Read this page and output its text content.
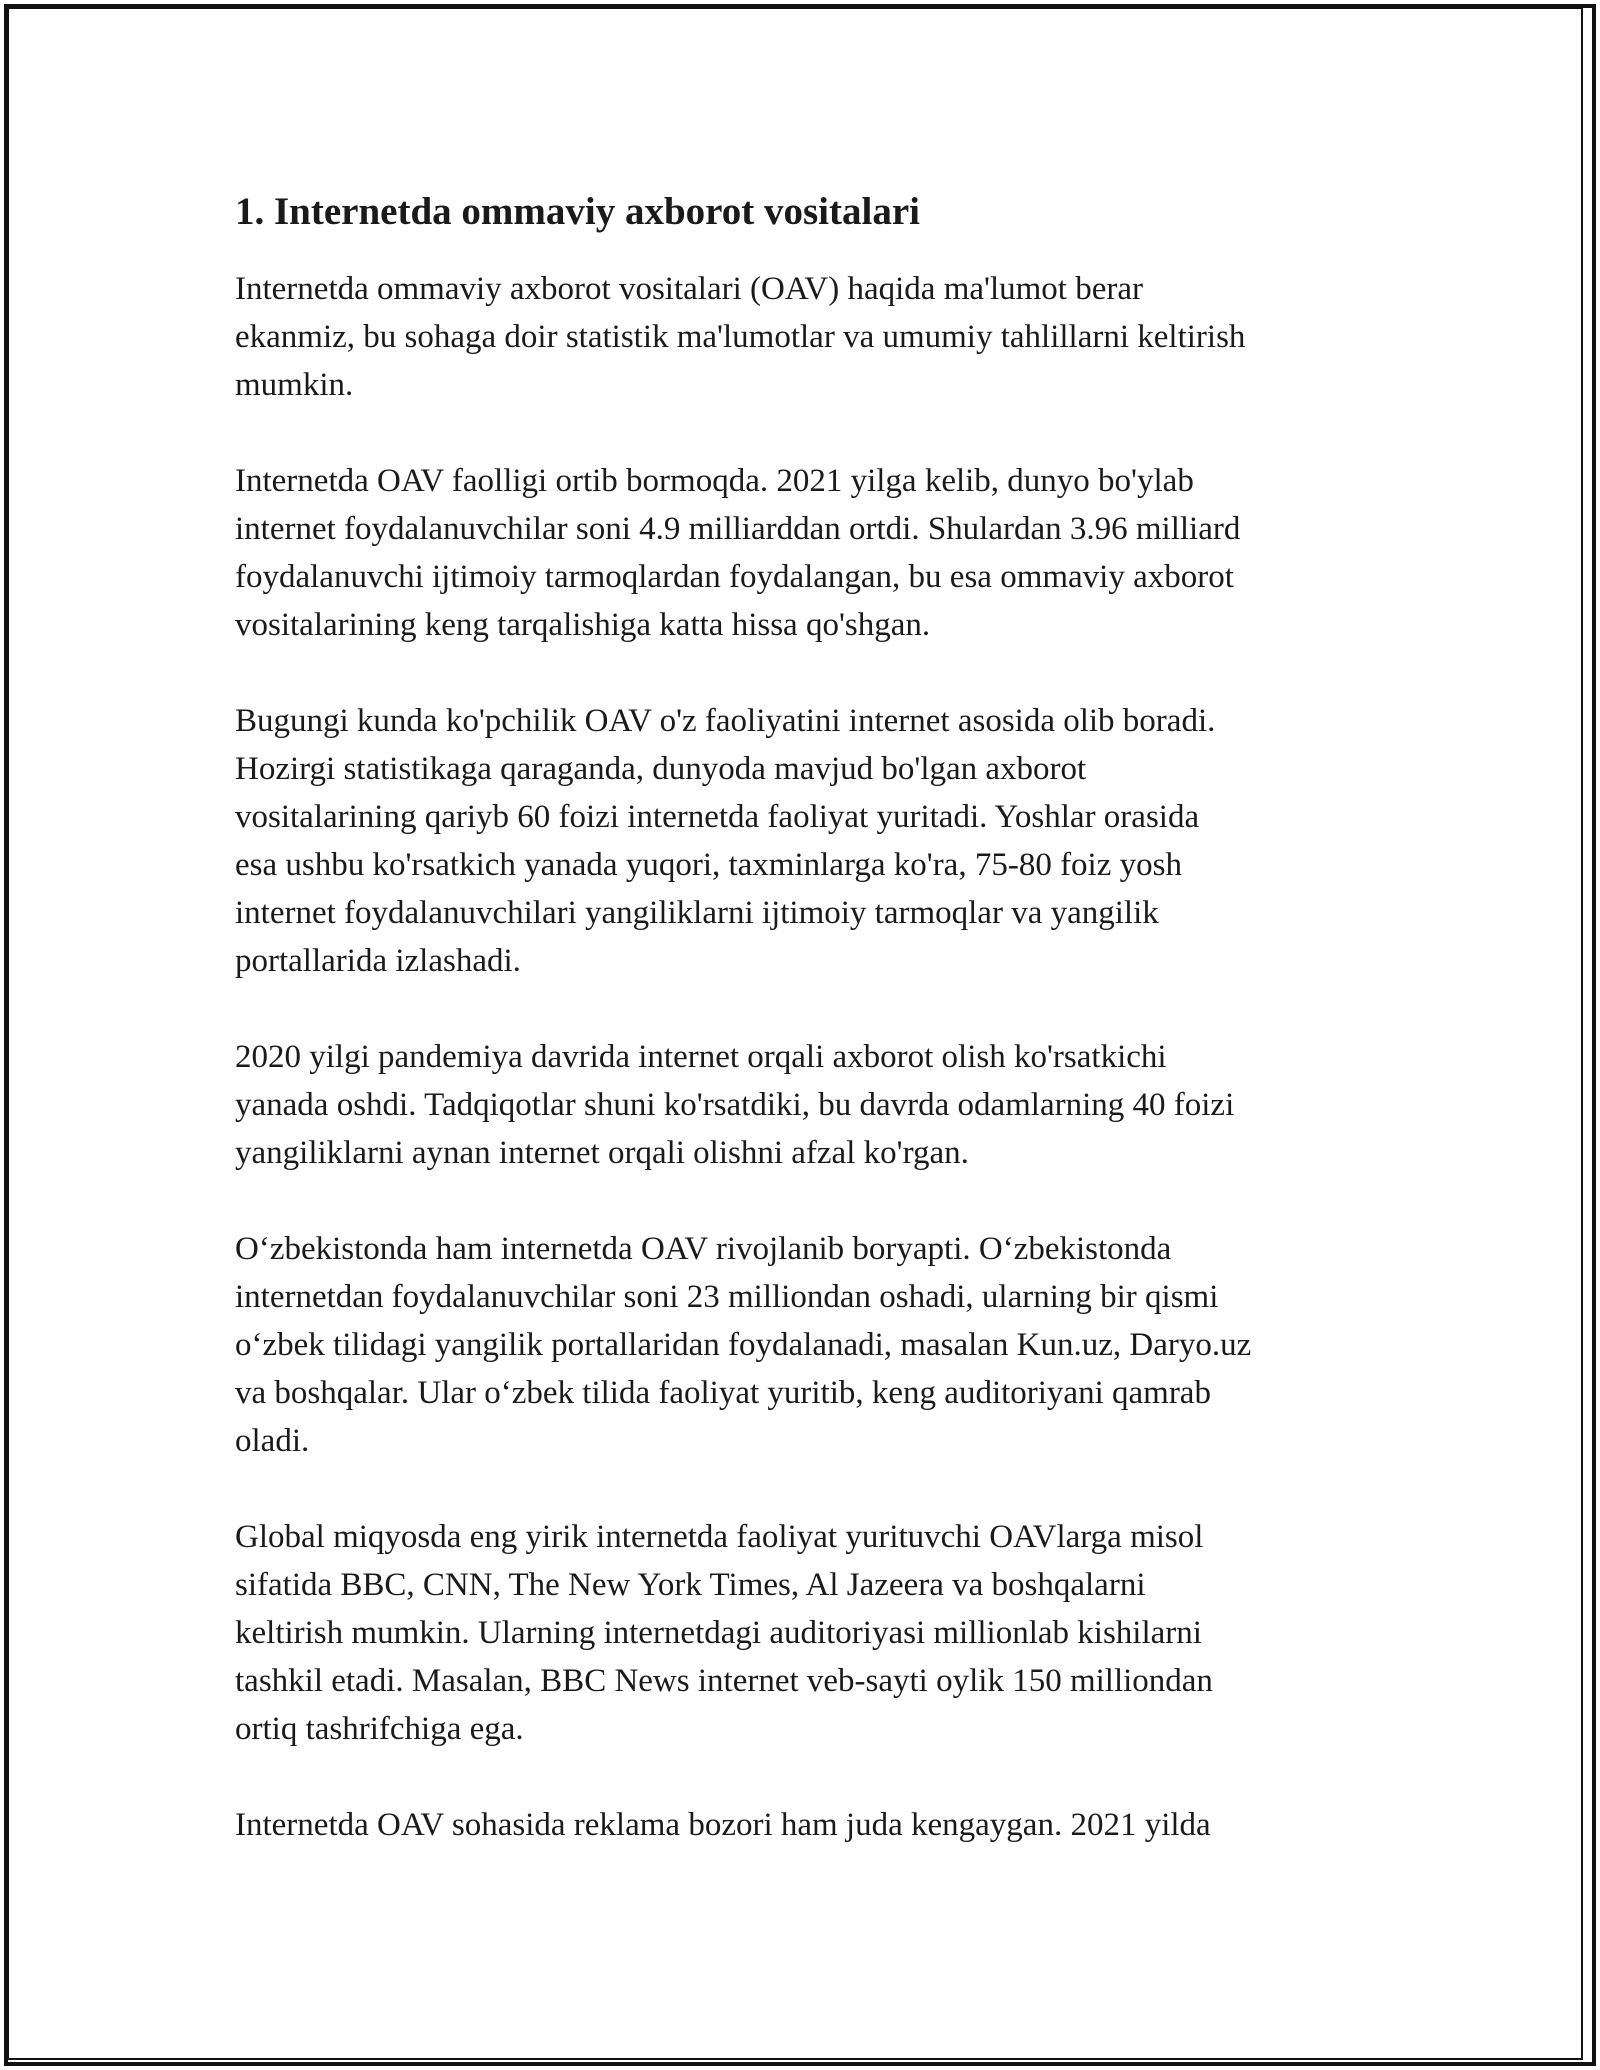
1. Internetda ommaviy axborot vositalari

Internetda ommaviy axborot vositalari (OAV) haqida ma'lumot berar
ekanmiz, bu sohaga doir statistik ma'lumotlar va umumiy tahlillarni keltirish
mumkin.

Internetda OAV faolligi ortib bormoqda. 2021 yilga kelib, dunyo bo'ylab
internet foydalanuvchilar soni 4.9 milliarddan ortdi. Shulardan 3.96 milliard
foydalanuvchi ijtimoiy tarmoqlardan foydalangan, bu esa ommaviy axborot
vositalarining keng tarqalishiga katta hissa qo'shgan.

Bugungi kunda ko'pchilik OAV o'z faoliyatini internet asosida olib boradi.
Hozirgi statistikaga qaraganda, dunyoda mavjud bo'lgan axborot
vositalarining qariyb 60 foizi internetda faoliyat yuritadi. Yoshlar orasida
esa ushbu ko'rsatkich yanada yuqori, taxminlarga ko'ra, 75-80 foiz yosh
internet foydalanuvchilari yangiliklarni ijtimoiy tarmoqlar va yangilik
portallarida izlashadi.

2020 yilgi pandemiya davrida internet orqali axborot olish ko'rsatkichi
yanada oshdi. Tadqiqotlar shuni ko'rsatdiki, bu davrda odamlarning 40 foizi
yangiliklarni aynan internet orqali olishni afzal ko'rgan.

O‘zbekistonda ham internetda OAV rivojlanib boryapti. O‘zbekistonda
internetdan foydalanuvchilar soni 23 milliondan oshadi, ularning bir qismi
o‘zbek tilidagi yangilik portallaridan foydalanadi, masalan Kun.uz, Daryo.uz
va boshqalar. Ular o‘zbek tilida faoliyat yuritib, keng auditoriyani qamrab
oladi.

Global miqyosda eng yirik internetda faoliyat yurituvchi OAVlarga misol
sifatida BBC, CNN, The New York Times, Al Jazeera va boshqalarni
keltirish mumkin. Ularning internetdagi auditoriyasi millionlab kishilarni
tashkil etadi. Masalan, BBC News internet veb-sayti oylik 150 milliondan
ortiq tashrifchiga ega.

Internetda OAV sohasida reklama bozori ham juda kengaygan. 2021 yilda
